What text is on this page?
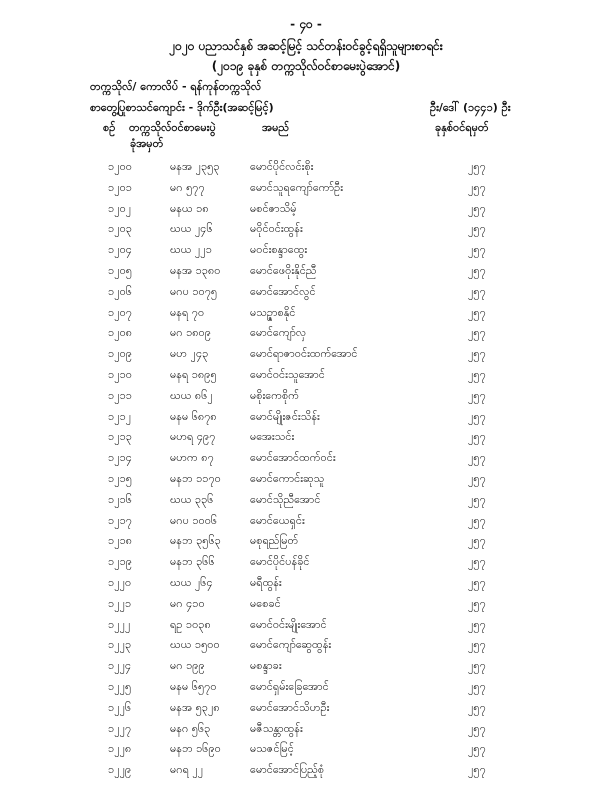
- ၄၀ -
၂၀၂၀ ပညာသင်နှစ် အဆင့်မြင့် သင်တန်းဝင်ခွင့်ရရှိသူများစာရင်း
(၂၀၁၉ ခုနှစ် တက္ကသိုလ်ဝင်စာမေးပွဲအောင်)
တက္ကသိုလ်/ ကောလိပ် - ရန်ကုန်တက္ကသိုလ်
စာတွေ့ပြုစာသင်ကျောင်း - ဒိုက်ဦး(အဆင့်မြင့်)	ဦး/ဒေါ် (၁၄၄၁) ဦး
စဉ် တက္ကသိုလ်ဝင်စာမေးပွဲ
ခုံအမှတ်
အမည်	ခုနှစ်ဝင်ရမှတ်
၁၂၀၀	မနအ ၂၃၅၃	မောင်ပိုင်လင်းစိုး	၂၅၇
၁၂၀၁	မဂ ၅၇၇	မောင်သူရကျော်ကော်ဦး	၂၅၇
၁၂၀၂	မနယ ၁၈	မစင်ဇာသိမ့်	၂၅၇
၁၂၀၃	ဃယ ၂၄၆	မဝိုင်ဝင်းထွန်း	၂၅၇
၁၂၀၄	ဃယ ၂၂၁	မဝင်းစန္ဒာထွေး	၂၅၇
၁၂၀၅	မနအ ၁၃၈၀	မောင်ဖေဝိုးနိုင်ညီ	၂၅၇
၁၂၀၆	မဂပ ၁၀၇၅	မောင်အောင်လွင်	၂၅၇
၁၂၀၇	မနရ ၇၀	မသဉ္ဇာစနိုင်	၂၅၇
၁၂၀၈	မဂ ၁၈၀၉	မောင်ကျော်လှ	၂၅၇
၁၂၀၉	မဟ ၂၄၃	မောင်ရာဇာဝင်းထက်အောင်	၂၅၇
၁၂၁၀	မနရ ၁၈၉၅	မောင်ဝင်းသူအောင်	၂၅၇
၁၂၁၁	ဃယ ၈၆၂	မစိုးကေစိုက်	၂၅၇
၁၂၁၂	မနမ ၆၈၇၈	မောင်မျိုးဇင်းသိန်း	၂၅၇
၁၂၁၃	မဟရ ၄၉၇	မအေးသင်း	၂၅၇
၁၂၁၄	မဟက ၈၇	မောင်အောင်ထက်ဝင်း	၂၅၇
၁၂၁၅	မနဘ ၁၁၇၀	မောင်ကောင်းဆုသူ	၂၅၇
၁၂၁၆	ဃယ ၃၃၆	မောင်သိုညီအောင်	၂၅၇
၁၂၁၇	မဂပ ၁၀၀၆	မောင်ယေရှင်း	၂၅၇
၁၂၁၈	မနဘ ၃၅၆၃	မစုရည်မြတ်	၂၅၇
၁၂၁၉	မနဘ ၃၆၆	မောင်ပိုင်ပန်ခိုင်	၂၅၇
၁၂၂၀	ဃယ ၂၆၄	မရီထွန်း	၂၅၇
၁၂၂၁	မဂ ၄၁၀	မစေခင်	၂၅၇
၁၂၂၂	ရဥ ၁၀၃၈	မောင်ဝင်းမျိုးအောင်	၂၅၇
၁၂၂၃	ဃယ ၁၅၀၀	မောင်ကျော်ဆွေထွန်း	၂၅၇
၁၂၂၄	မဂ ၁၉၉	မစန္ဒာခး	၂၅၇
၁၂၂၅	မနမ ၆၅၇၀	မောင်ရှမ်းခြေအောင်	၂၅၇
၁၂၂၆	မနအ ၅၃၂၈	မောင်အောင်သိဟဦး	၂၅၇
၁၂၂၇	မနဂ ၅၆၃	မဇီသန္တာထွန်း	၂၅၇
၁၂၂၈	မနဘ ၁၆၉၀	မသဇင်မြင့်	၂၅၇
၁၂၂၉	မဂရ ၂၂	မောင်အောင်ပြည့်စုံ	၂၅၇
